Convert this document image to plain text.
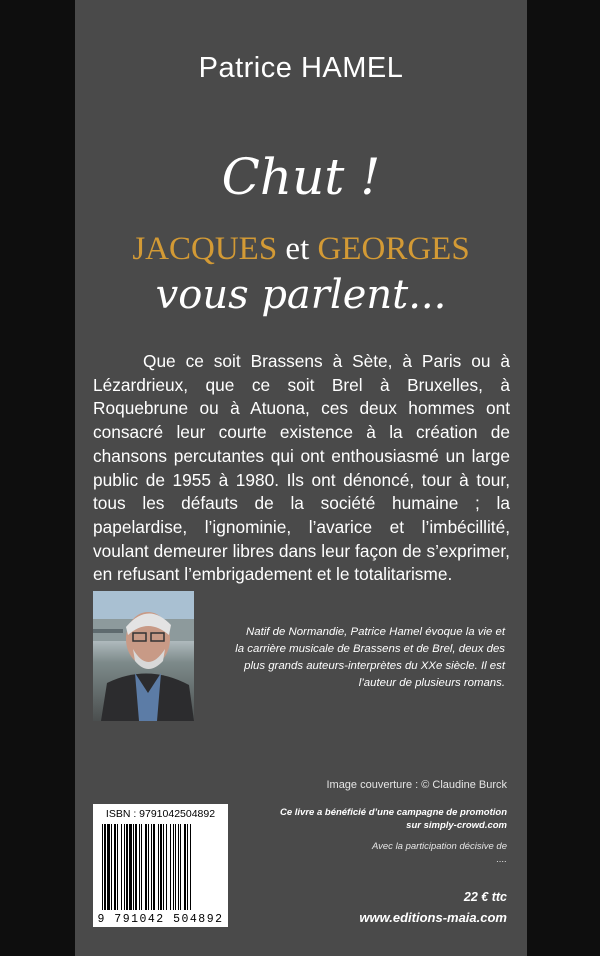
Patrice HAMEL
Chut !
JACQUES et GEORGES
vous parlent...
Que ce soit Brassens à Sète, à Paris ou à Lézardrieux, que ce soit Brel à Bruxelles, à Roquebrune ou à Atuona, ces deux hommes ont consacré leur courte existence à la création de chansons percutantes qui ont enthousiasmé un large public de 1955 à 1980. Ils ont dénoncé, tour à tour, tous les défauts de la société humaine ; la papelardise, l’ignominie, l’avarice et l’imbécillité, voulant demeurer libres dans leur façon de s’exprimer, en refusant l’embrigadement et le totalitarisme.
Natif de Normandie, Patrice Hamel évoque la vie et la carrière musicale de Brassens et de Brel, deux des plus grands auteurs-interprètes du XXe siècle. Il est l’auteur de plusieurs romans.
Image couverture : © Claudine Burck
Ce livre a bénéficié d’une campagne de promotion
sur simply-crowd.com
Avec la participation décisive de
....
22 € ttc
www.editions-maia.com
ISBN : 9791042504892
9 791042 504892
